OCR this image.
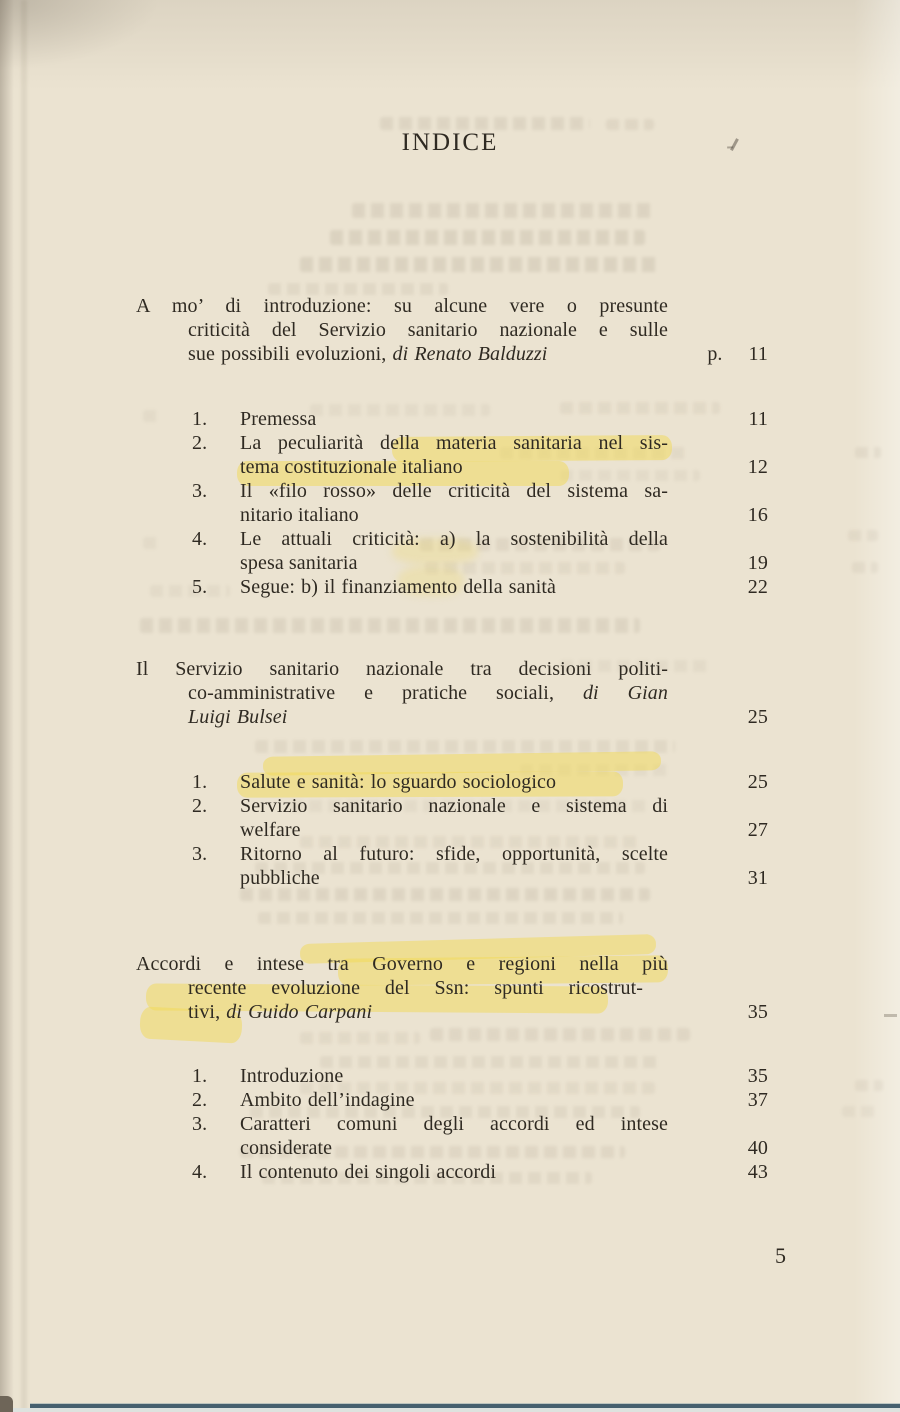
INDICE
A mo’ di introduzione: su alcune vere o presunte
criticità del Servizio sanitario nazionale e sulle
sue possibili evoluzioni, di Renato Balduzzi	p. 11
1. Premessa	11
2. La peculiarità della materia sanitaria nel sis-
tema costituzionale italiano	12
3. Il «filo rosso» delle criticità del sistema sa-
nitario italiano	16
4. Le attuali criticità: a) la sostenibilità della
spesa sanitaria	19
5. Segue: b) il finanziamento della sanità	22
Il Servizio sanitario nazionale tra decisioni politi-
co-amministrative e pratiche sociali, di Gian
Luigi Bulsei	25
1. Salute e sanità: lo sguardo sociologico	25
2. Servizio sanitario nazionale e sistema di
welfare	27
3. Ritorno al futuro: sfide, opportunità, scelte
pubbliche	31
Accordi e intese tra Governo e regioni nella più
recente evoluzione del Ssn: spunti ricostrut-
tivi, di Guido Carpani	35
1. Introduzione	35
2. Ambito dell’indagine	37
3. Caratteri comuni degli accordi ed intese
considerate	40
4. Il contenuto dei singoli accordi	43
5
